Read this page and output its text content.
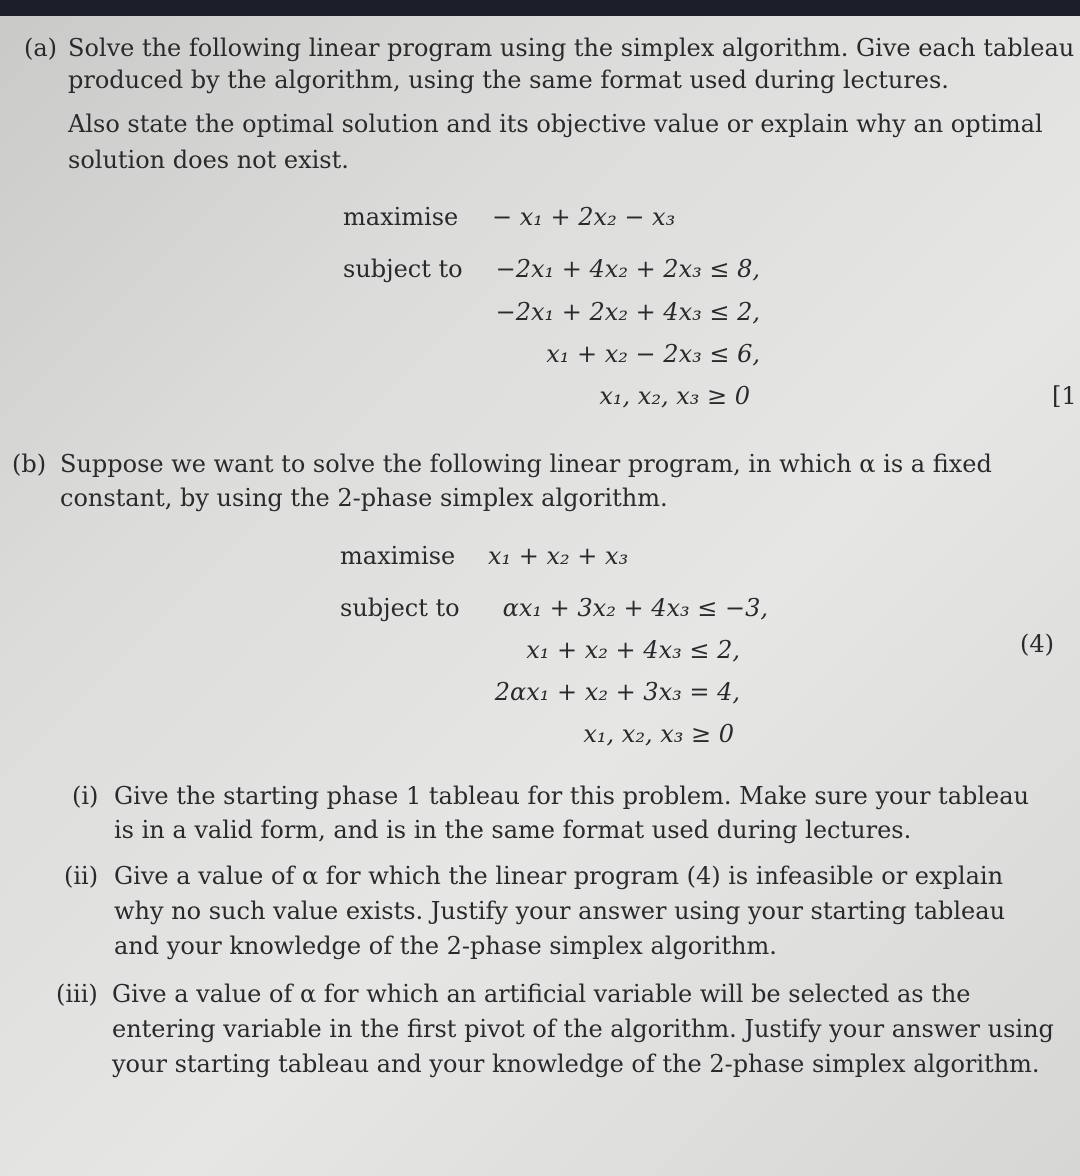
(a) Solve the following linear program using the simplex algorithm. Give each tableau
produced by the algorithm, using the same format used during lectures.
Also state the optimal solution and its objective value or explain why an optimal
solution does not exist.
maximise − x₁ + 2x₂ − x₃
subject to −2x₁ + 4x₂ + 2x₃ ≤ 8,
−2x₁ + 2x₂ + 4x₃ ≤ 2,
x₁ + x₂ − 2x₃ ≤ 6,
x₁, x₂, x₃ ≥ 0	[1
(b) Suppose we want to solve the following linear program, in which α is a fixed
constant, by using the 2-phase simplex algorithm.
maximise x₁ + x₂ + x₃
subject to αx₁ + 3x₂ + 4x₃ ≤ −3,
x₁ + x₂ + 4x₃ ≤ 2,
2αx₁ + x₂ + 3x₃ = 4,
x₁, x₂, x₃ ≥ 0
(4)
(i) Give the starting phase 1 tableau for this problem. Make sure your tableau
is in a valid form, and is in the same format used during lectures.
(ii) Give a value of α for which the linear program (4) is infeasible or explain
why no such value exists. Justify your answer using your starting tableau
and your knowledge of the 2-phase simplex algorithm.
(iii) Give a value of α for which an artificial variable will be selected as the
entering variable in the first pivot of the algorithm. Justify your answer using
your starting tableau and your knowledge of the 2-phase simplex algorithm.
